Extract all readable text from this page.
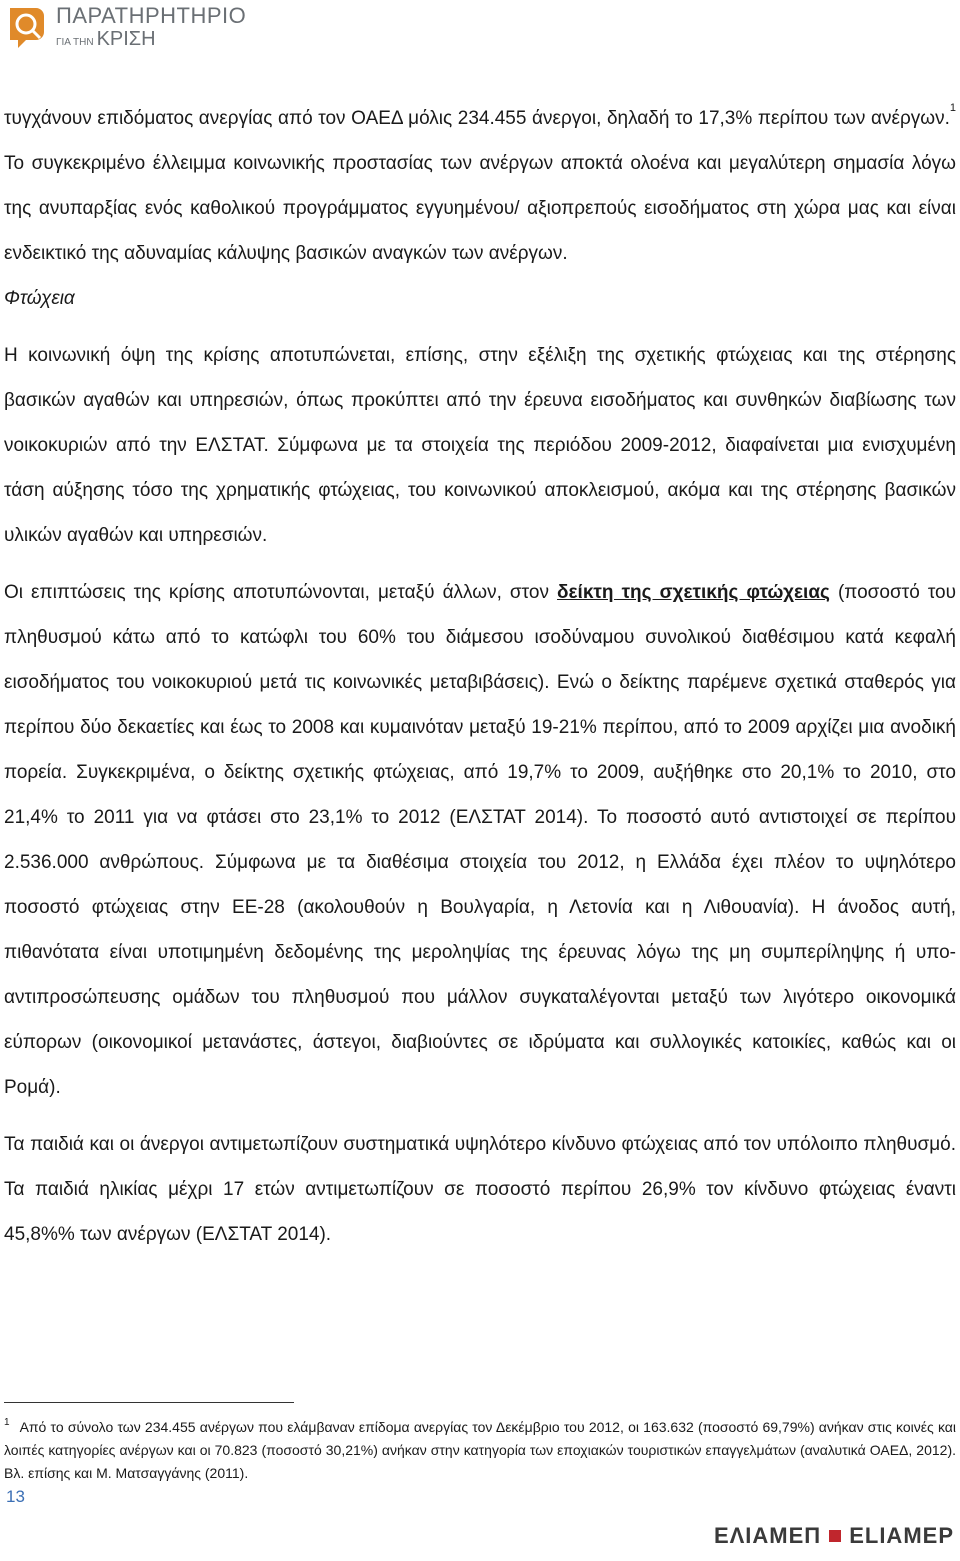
ΠΑΡΑΤΗΡΗΤΗΡΙΟ
ΓΙΑ ΤΗΝ ΚΡΙΣΗ

τυγχάνουν επιδόματος ανεργίας από τον ΟΑΕΔ μόλις 234.455 άνεργοι, δηλαδή το 17,3% περίπου των ανέργων.$^1$ Το συγκεκριμένο έλλειμμα κοινωνικής προστασίας των ανέργων αποκτά ολοένα και μεγαλύτερη σημασία λόγω της ανυπαρξίας ενός καθολικού προγράμματος εγγυημένου/ αξιοπρεπούς εισοδήματος στη χώρα μας και είναι ενδεικτικό της αδυναμίας κάλυψης βασικών αναγκών των ανέργων.

Φτώχεια

Η κοινωνική όψη της κρίσης αποτυπώνεται, επίσης, στην εξέλιξη της σχετικής φτώχειας και της στέρησης βασικών αγαθών και υπηρεσιών, όπως προκύπτει από την έρευνα εισοδήματος και συνθηκών διαβίωσης των νοικοκυριών από την ΕΛΣΤΑΤ. Σύμφωνα με τα στοιχεία της περιόδου 2009-2012, διαφαίνεται μια ενισχυμένη τάση αύξησης τόσο της χρηματικής φτώχειας, του κοινωνικού αποκλεισμού, ακόμα και της στέρησης βασικών υλικών αγαθών και υπηρεσιών.

Οι επιπτώσεις της κρίσης αποτυπώνονται, μεταξύ άλλων, στον δείκτη της σχετικής φτώχειας (ποσοστό του πληθυσμού κάτω από το κατώφλι του 60% του διάμεσου ισοδύναμου συνολικού διαθέσιμου κατά κεφαλή εισοδήματος του νοικοκυριού μετά τις κοινωνικές μεταβιβάσεις). Ενώ ο δείκτης παρέμενε σχετικά σταθερός για περίπου δύο δεκαετίες και έως το 2008 και κυμαινόταν μεταξύ 19-21% περίπου, από το 2009 αρχίζει μια ανοδική πορεία. Συγκεκριμένα, ο δείκτης σχετικής φτώχειας, από 19,7% το 2009, αυξήθηκε στο 20,1% το 2010, στο 21,4% το 2011 για να φτάσει στο 23,1% το 2012 (ΕΛΣΤΑΤ 2014). Το ποσοστό αυτό αντιστοιχεί σε περίπου 2.536.000 ανθρώπους. Σύμφωνα με τα διαθέσιμα στοιχεία του 2012, η Ελλάδα έχει πλέον το υψηλότερο ποσοστό φτώχειας στην ΕΕ-28 (ακολουθούν η Βουλγαρία, η Λετονία και η Λιθουανία). Η άνοδος αυτή, πιθανότατα είναι υποτιμημένη δεδομένης της μεροληψίας της έρευνας λόγω της μη συμπερίληψης ή υπο-αντιπροσώπευσης ομάδων του πληθυσμού που μάλλον συγκαταλέγονται μεταξύ των λιγότερο οικονομικά εύπορων (οικονομικοί μετανάστες, άστεγοι, διαβιούντες σε ιδρύματα και συλλογικές κατοικίες, καθώς και οι Ρομά).

Τα παιδιά και οι άνεργοι αντιμετωπίζουν συστηματικά υψηλότερο κίνδυνο φτώχειας από τον υπόλοιπο πληθυσμό. Τα παιδιά ηλικίας μέχρι 17 ετών αντιμετωπίζουν σε ποσοστό περίπου 26,9% τον κίνδυνο φτώχειας έναντι 45,8%% των ανέργων (ΕΛΣΤΑΤ 2014).

$^1$ Από το σύνολο των 234.455 ανέργων που ελάμβαναν επίδομα ανεργίας τον Δεκέμβριο του 2012, οι 163.632 (ποσοστό 69,79%) ανήκαν στις κοινές και λοιπές κατηγορίες ανέργων και οι 70.823 (ποσοστό 30,21%) ανήκαν στην κατηγορία των εποχιακών τουριστικών επαγγελμάτων (αναλυτικά ΟΑΕΔ, 2012). Βλ. επίσης και Μ. Ματσαγγάνης (2011).
13
ΕΛΙΑΜΕΠ ELIAMEP
